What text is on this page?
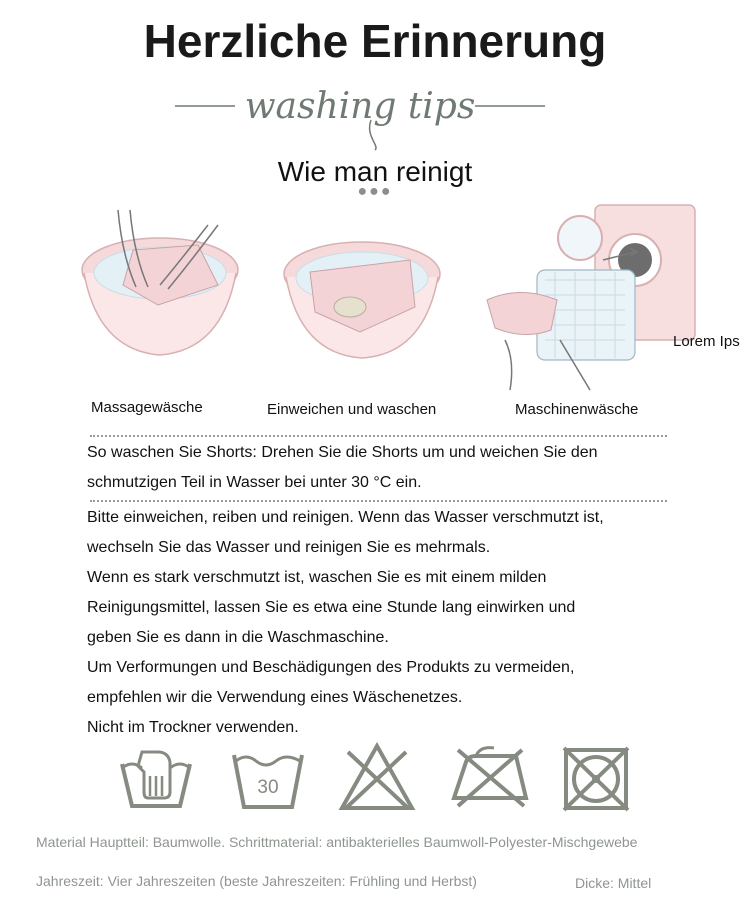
Herzliche Erinnerung
washing tips
Wie man reinigt
●●●
Massagewäsche	Einweichen und waschen	Maschinenwäsche
Lorem Ips
So waschen Sie Shorts: Drehen Sie die Shorts um und weichen Sie den
schmutzigen Teil in Wasser bei unter 30 °C ein.
Bitte einweichen, reiben und reinigen. Wenn das Wasser verschmutzt ist,
wechseln Sie das Wasser und reinigen Sie es mehrmals.
Wenn es stark verschmutzt ist, waschen Sie es mit einem milden
Reinigungsmittel, lassen Sie es etwa eine Stunde lang einwirken und
geben Sie es dann in die Waschmaschine.
Um Verformungen und Beschädigungen des Produkts zu vermeiden,
empfehlen wir die Verwendung eines Wäschenetzes.
Nicht im Trockner verwenden.
30
Material Hauptteil: Baumwolle. Schrittmaterial: antibakterielles Baumwoll-Polyester-Mischgewebe
Jahreszeit: Vier Jahreszeiten (beste Jahreszeiten: Frühling und Herbst)	Dicke: Mittel
